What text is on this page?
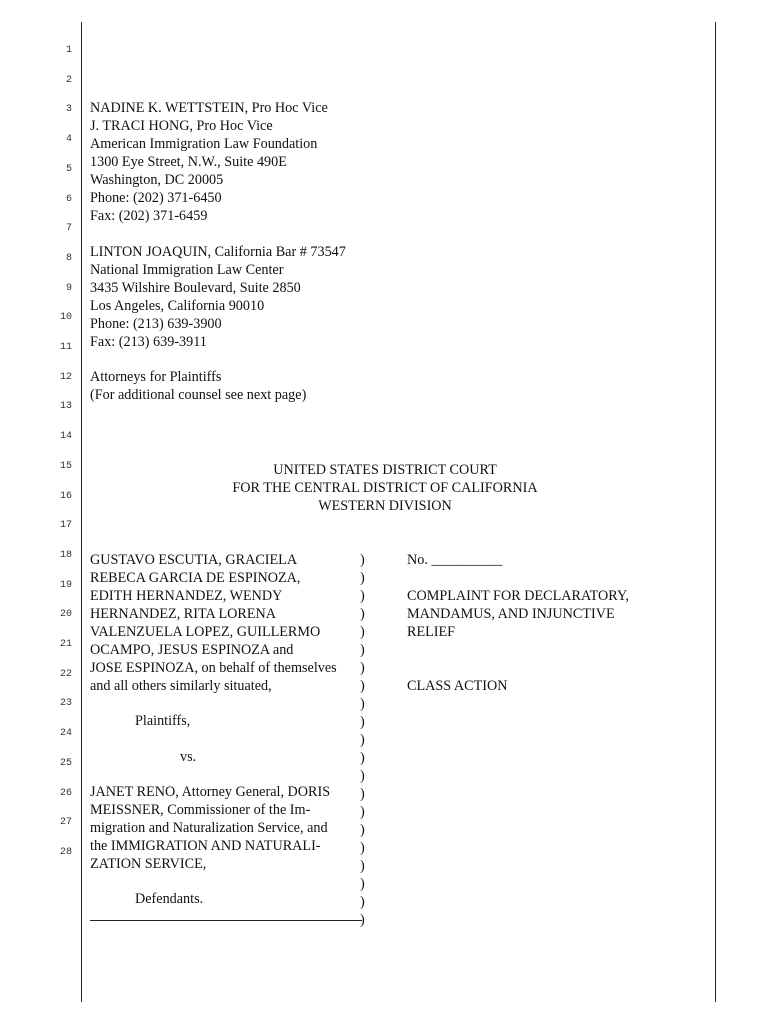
1
2
3
4
5
6
7
8
9
10
11
12
13
14
15
16
17
18
19
20
21
22
23
24
25
26
27
28
NADINE K. WETTSTEIN, Pro Hoc Vice
J. TRACI HONG, Pro Hoc Vice
American Immigration Law Foundation
1300 Eye Street, N.W., Suite 490E
Washington, DC 20005
Phone: (202) 371-6450
Fax: (202) 371-6459
LINTON JOAQUIN, California Bar # 73547
National Immigration Law Center
3435 Wilshire Boulevard, Suite 2850
Los Angeles, California 90010
Phone: (213) 639-3900
Fax: (213) 639-3911
Attorneys for Plaintiffs
(For additional counsel see next page)
UNITED STATES DISTRICT COURT
FOR THE CENTRAL DISTRICT OF CALIFORNIA
WESTERN DIVISION
GUSTAVO ESCUTIA, GRACIELA
REBECA GARCIA DE ESPINOZA,
EDITH HERNANDEZ, WENDY
HERNANDEZ, RITA LORENA
VALENZUELA LOPEZ, GUILLERMO
OCAMPO, JESUS ESPINOZA and
JOSE ESPINOZA, on behalf of themselves
and all others similarly situated,
Plaintiffs,
vs.
JANET RENO, Attorney General, DORIS
MEISSNER, Commissioner of the Im-
migration and Naturalization Service, and
the IMMIGRATION AND NATURALI-
ZATION SERVICE,
Defendants.
)
)
)
)
)
)
)
)
)
)
)
)
)
)
)
)
)
)
)
)
)
No. __________
COMPLAINT FOR DECLARATORY,
MANDAMUS, AND INJUNCTIVE
RELIEF
CLASS ACTION
